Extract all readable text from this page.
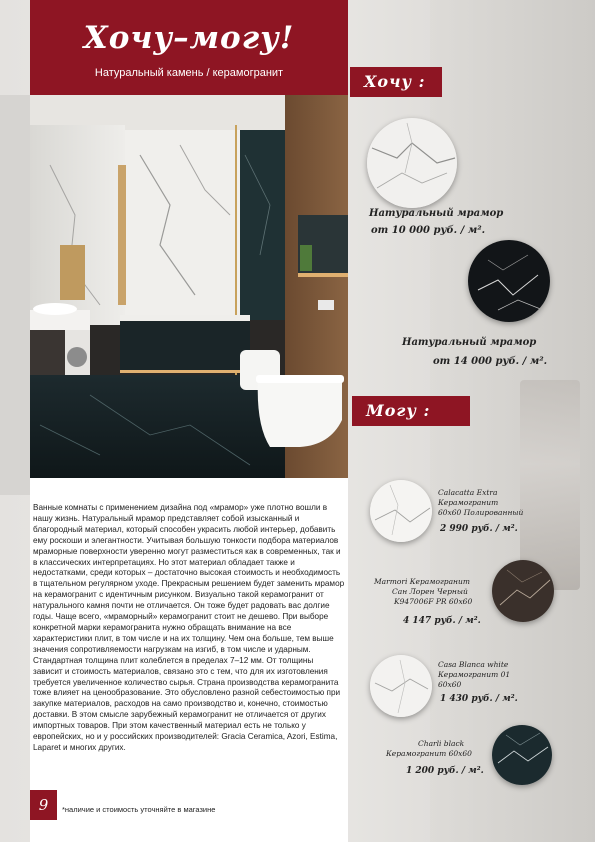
Хочу–могу!
Натуральный камень / керамогранит

Ванные комнаты с применением дизайна под «мрамор» уже плотно вошли в нашу жизнь. Натуральный мрамор представляет собой изысканный и благородный материал, который способен украсить любой интерьер, добавить ему роскоши и элегантности. Учитывая большую тонкости подбора материалов мраморные поверхности уверенно могут разместиться как в современных, так и в классических интерпретациях. Но этот материал обладает также и недостатками, среди которых – достаточно высокая стоимость и необходимость в тщательном регулярном уходе. Прекрасным решением будет заменить мрамор на керамогранит с идентичным рисунком. Визуально такой керамогранит от натурального камня почти не отличается. Он тоже будет радовать вас долгие годы. Чаще всего, «мраморный» керамогранит стоит не дешево. При выборе конкретной марки керамогранита нужно обращать внимание на все характеристики плит, в том числе и на их толщину. Чем она больше, тем выше значения сопротивляемости нагрузкам на изгиб, в том числе и ударным. Стандартная толщина плит колеблется в пределах 7–12 мм. От толщины зависит и стоимость материалов, связано это с тем, что для их изготовления требуется увеличенное количество сырья. Страна производства керамогранита тоже влияет на ценообразование. Это обусловлено разной себестоимостью при закупке материалов, расходов на само производство и, конечно, стоимостью доставки. В этом смысле зарубежный керамогранит не отличается от других импортных товаров. При этом качественный материал есть не только у европейских, но и у российских производителей: Gracia Ceramica, Azori, Estima, Laparet и многих других.

9	*наличие и стоимость уточняйте в магазине
Хочу :
Натуральный мрамор
от 10 000 руб. / м².
Натуральный мрамор
от 14 000 руб. / м².
Могу :
Calacatta Extra
Керамогранит
60x60 Полированный
2 990 руб. / м².
Marmori Керамогранит
Сан Лорен Черный
K947006F PR 60x60
4 147 руб. / м².
Casa Blanca white
Керамогранит 01
60x60
1 430 руб. / м².
Charli black
Керамогранит 60x60
1 200 руб. / м².
